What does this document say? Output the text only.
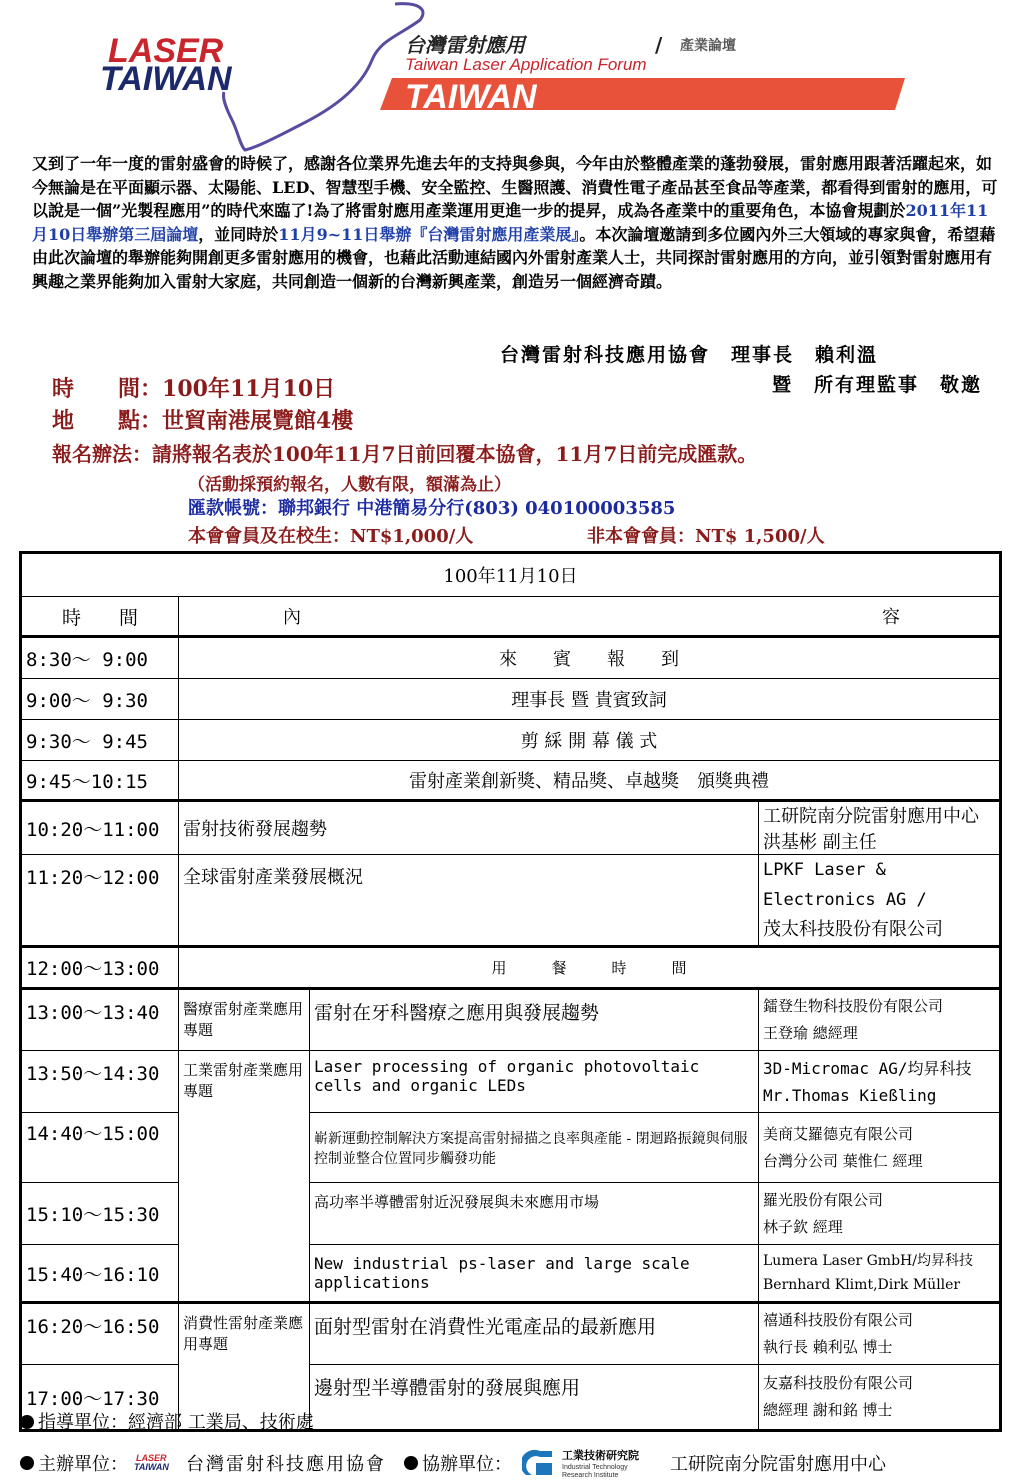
TAIWAN
LASER
TAIWAN
台灣雷射應用	/ 產業論壇
Taiwan Laser Application Forum
又到了一年一度的雷射盛會的時候了，感謝各位業界先進去年的支持與參與，今年由於整體產業的蓬勃發展，雷射應用跟著活躍起來，如今無論是在平面顯示器、太陽能、LED、智慧型手機、安全監控、生醫照護、消費性電子產品甚至食品等產業，都看得到雷射的應用，可以說是一個”光製程應用”的時代來臨了!為了將雷射應用產業運用更進一步的提昇，成為各產業中的重要角色，本協會規劃於2011年11月10日舉辦第三屆論壇，並同時於11月9~11日舉辦『台灣雷射應用產業展』。本次論壇邀請到多位國內外三大領域的專家與會，希望藉由此次論壇的舉辦能夠開創更多雷射應用的機會，也藉此活動連結國內外雷射產業人士，共同探討雷射應用的方向，並引領對雷射應用有興趣之業界能夠加入雷射大家庭，共同創造一個新的台灣新興產業，創造另一個經濟奇蹟。
台灣雷射科技應用協會　理事長　賴利溫
暨　所有理監事　敬邀
時　　間：100年11月10日
地　　點：世貿南港展覽館4樓
報名辦法：請將報名表於100年11月7日前回覆本協會，11月7日前完成匯款。
（活動採預約報名，人數有限，額滿為止）
匯款帳號：聯邦銀行 中港簡易分行(803) 040100003585
本會會員及在校生：NT$1,000/人	非本會會員：NT$ 1,500/人
100年11月10日			
時　　間	內 容		

8:30～ 9:00	來　　賓　　報　　到		
9:00～ 9:30	理事長 暨 貴賓致詞		
9:30～ 9:45	剪 綵 開 幕 儀 式		
9:45～10:15	雷射產業創新獎、精品獎、卓越獎　頒獎典禮		
10:20～11:00	雷射技術發展趨勢		工研院南分院雷射應用中心 洪基彬 副主任
11:20～12:00	全球雷射產業發展概況		LPKF Laser & Electronics AG /
茂太科技股份有限公司

12:00～13:00	用　　　餐　　　時　　　間		
13:00～13:40	醫療雷射產業應用專題	雷射在牙科醫療之應用與發展趨勢	鐳登生物科技股份有限公司
王登瑜 總經理

13:50～14:30	工業雷射產業應用專題	Laser processing of organic photovoltaic cells and organic LEDs	3D-Micromac AG/均昇科技
Mr.Thomas Kießling

14:40～15:00		嶄新運動控制解決方案提高雷射掃描之良率與產能 - 閉迴路振鏡與伺服控制並整合位置同步觸發功能	美商艾羅德克有限公司
台灣分公司 葉惟仁 經理

15:10～15:30		高功率半導體雷射近況發展與未來應用市場	羅光股份有限公司
林子欽 經理

15:40～16:10		New industrial ps-laser and large scale applications	Lumera Laser GmbH/均昇科技
Bernhard Klimt,Dirk Müller

16:20～16:50	消費性雷射產業應用專題	面射型雷射在消費性光電產品的最新應用	禧通科技股份有限公司
執行長 賴利弘 博士

17:00～17:30		邊射型半導體雷射的發展與應用	友嘉科技股份有限公司
總經理 謝和銘 博士
指導單位：經濟部 工業局、技術處
主辦單位： LASER
TAIWAN 台灣雷射科技應用協會 協辦單位：	工業技術研究院
Industrial Technology
Research Institute
工研院南分院雷射應用中心
